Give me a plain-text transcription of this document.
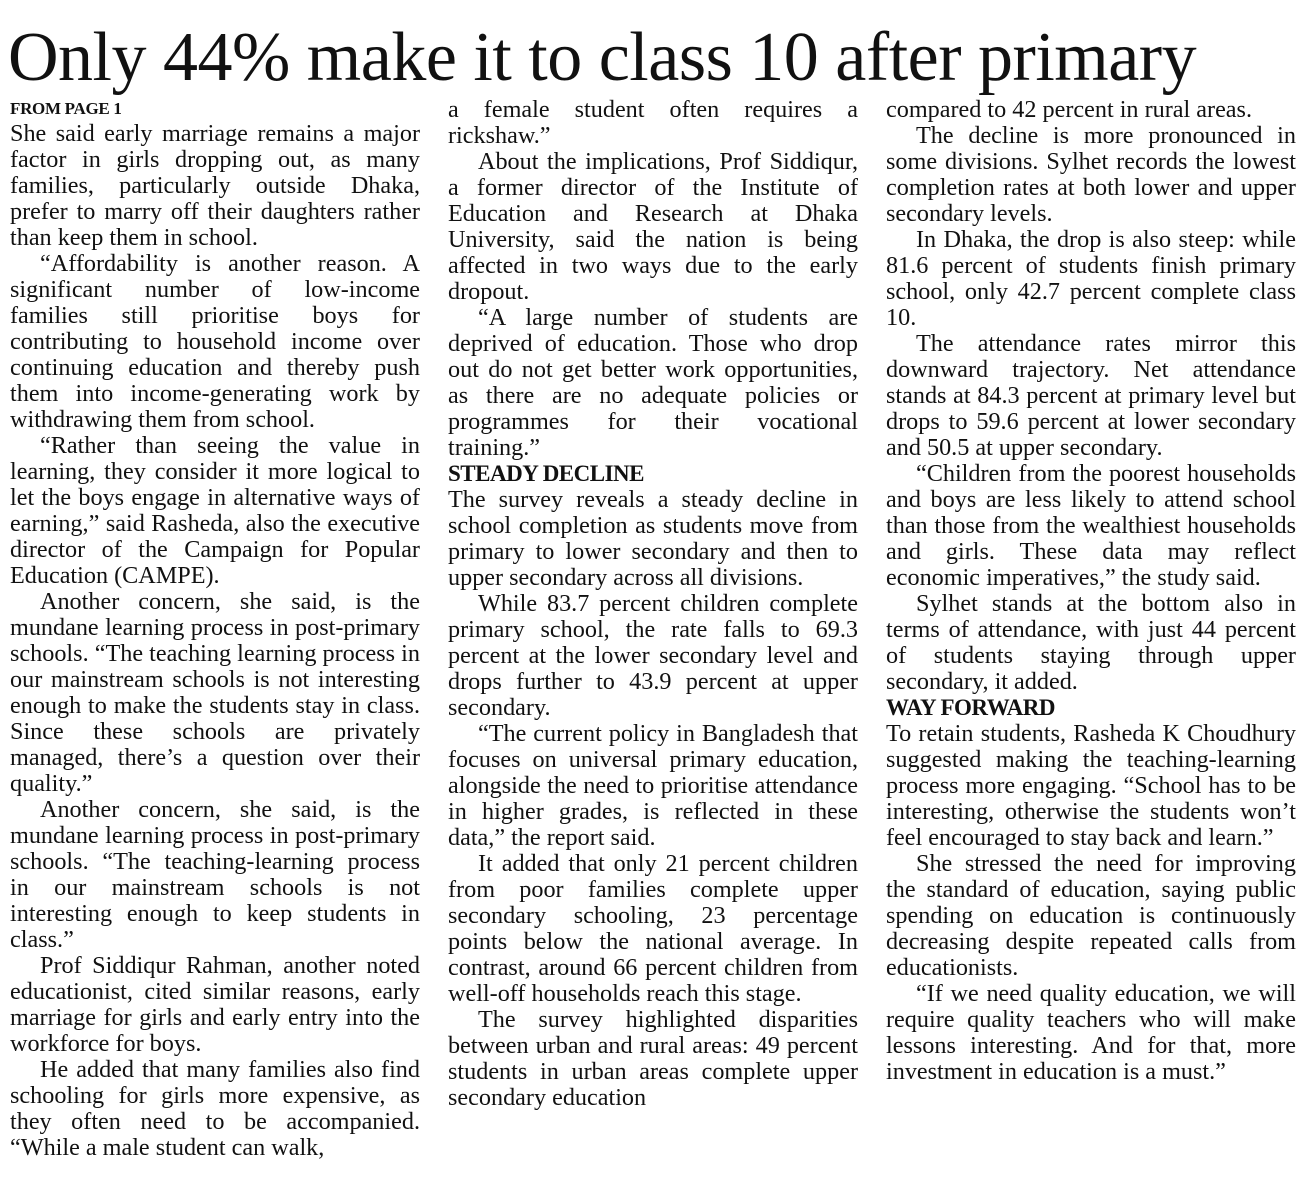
Only 44% make it to class 10 after primary
FROM PAGE 1

She said early marriage remains a major factor in girls dropping out, as many families, particularly outside Dhaka, prefer to marry off their daughters rather than keep them in school.

“Affordability is another reason. A significant number of low-income families still prioritise boys for contributing to household income over continuing education and thereby push them into income-generating work by withdrawing them from school.

“Rather than seeing the value in learning, they consider it more logical to let the boys engage in alternative ways of earning,” said Rasheda, also the executive director of the Campaign for Popular Education (CAMPE).

Another concern, she said, is the mundane learning process in post-primary schools. “The teaching learning process in our mainstream schools is not interesting enough to make the students stay in class. Since these schools are privately managed, there’s a question over their quality.”

Another concern, she said, is the mundane learning process in post-primary schools. “The teaching-learning process in our mainstream schools is not interesting enough to keep students in class.”

Prof Siddiqur Rahman, another noted educationist, cited similar reasons, early marriage for girls and early entry into the workforce for boys.

He added that many families also find schooling for girls more expensive, as they often need to be accompanied. “While a male student can walk,

a female student often requires a rickshaw.”

About the implications, Prof Siddiqur, a former director of the Institute of Education and Research at Dhaka University, said the nation is being affected in two ways due to the early dropout.

“A large number of students are deprived of education. Those who drop out do not get better work opportunities, as there are no adequate policies or programmes for their vocational training.”

STEADY DECLINE

The survey reveals a steady decline in school completion as students move from primary to lower secondary and then to upper secondary across all divisions.

While 83.7 percent children complete primary school, the rate falls to 69.3 percent at the lower secondary level and drops further to 43.9 percent at upper secondary.

“The current policy in Bangladesh that focuses on universal primary education, alongside the need to prioritise attendance in higher grades, is reflected in these data,” the report said.

It added that only 21 percent children from poor families complete upper secondary schooling, 23 percentage points below the national average. In contrast, around 66 percent children from well-off households reach this stage.

The survey highlighted disparities between urban and rural areas: 49 percent students in urban areas complete upper secondary education

compared to 42 percent in rural areas.

The decline is more pronounced in some divisions. Sylhet records the lowest completion rates at both lower and upper secondary levels.

In Dhaka, the drop is also steep: while 81.6 percent of students finish primary school, only 42.7 percent complete class 10.

The attendance rates mirror this downward trajectory. Net attendance stands at 84.3 percent at primary level but drops to 59.6 percent at lower secondary and 50.5 at upper secondary.

“Children from the poorest households and boys are less likely to attend school than those from the wealthiest households and girls. These data may reflect economic imperatives,” the study said.

Sylhet stands at the bottom also in terms of attendance, with just 44 percent of students staying through upper secondary, it added.

WAY FORWARD

To retain students, Rasheda K Choudhury suggested making the teaching-learning process more engaging. “School has to be interesting, otherwise the students won’t feel encouraged to stay back and learn.”

She stressed the need for improving the standard of education, saying public spending on education is continuously decreasing despite repeated calls from educationists.

“If we need quality education, we will require quality teachers who will make lessons interesting. And for that, more investment in education is a must.”
